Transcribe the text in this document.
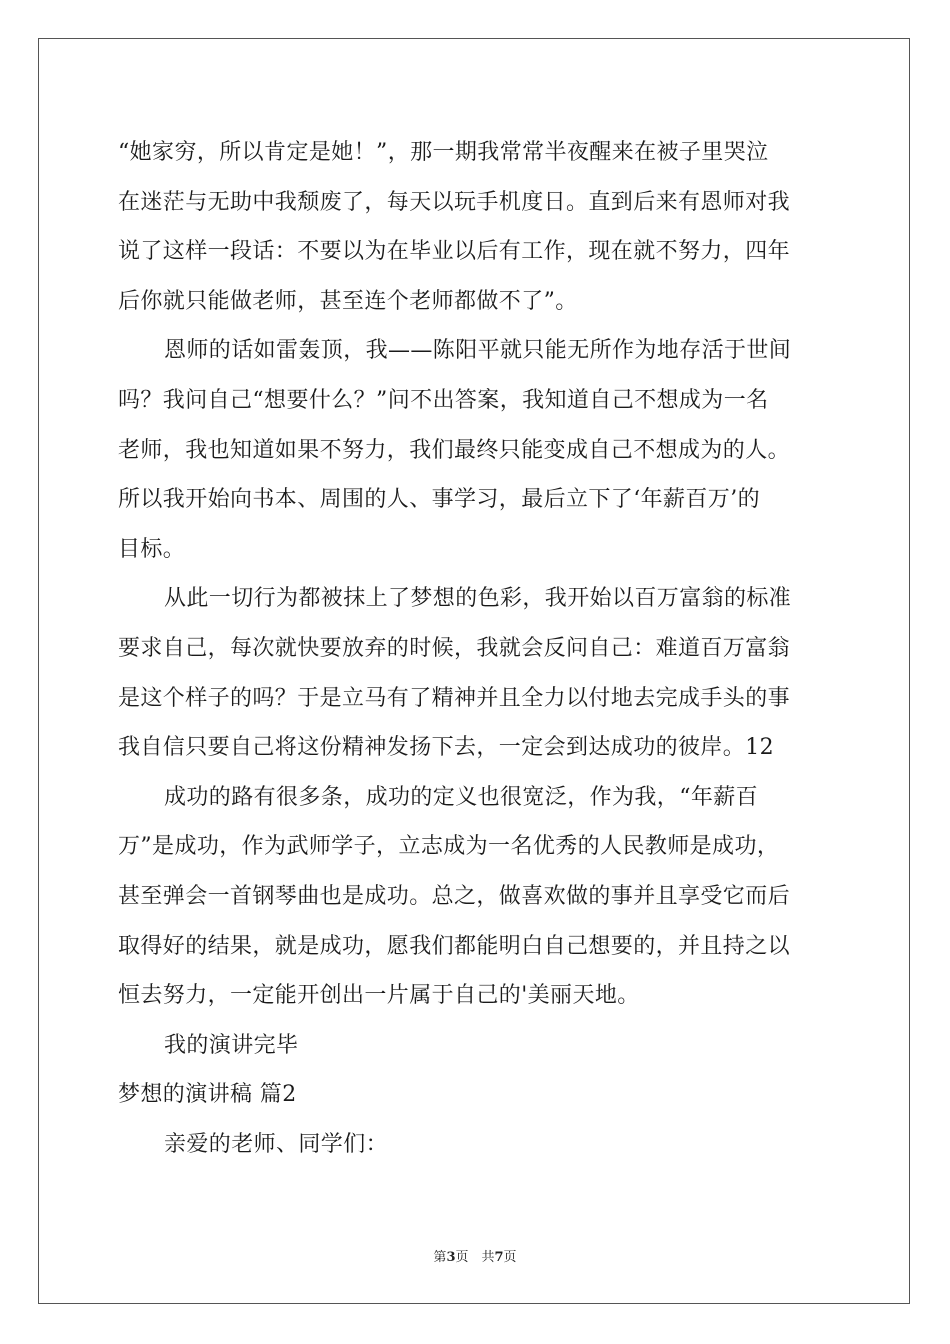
“她家穷，所以肯定是她！”，那一期我常常半夜醒来在被子里哭泣
在迷茫与无助中我颓废了，每天以玩手机度日。直到后来有恩师对我
说了这样一段话：不要以为在毕业以后有工作，现在就不努力，四年
后你就只能做老师，甚至连个老师都做不了”。
恩师的话如雷轰顶，我——陈阳平就只能无所作为地存活于世间
吗？我问自己“想要什么？”问不出答案，我知道自己不想成为一名
老师，我也知道如果不努力，我们最终只能变成自己不想成为的人。
所以我开始向书本、周围的人、事学习，最后立下了‘年薪百万’的
目标。
从此一切行为都被抹上了梦想的色彩，我开始以百万富翁的标准
要求自己，每次就快要放弃的时候，我就会反问自己：难道百万富翁
是这个样子的吗？于是立马有了精神并且全力以付地去完成手头的事
我自信只要自己将这份精神发扬下去，一定会到达成功的彼岸。12
成功的路有很多条，成功的定义也很宽泛，作为我，“年薪百
万”是成功，作为武师学子，立志成为一名优秀的人民教师是成功，
甚至弹会一首钢琴曲也是成功。总之，做喜欢做的事并且享受它而后
取得好的结果，就是成功，愿我们都能明白自己想要的，并且持之以
恒去努力，一定能开创出一片属于自己的'美丽天地。
我的演讲完毕
梦想的演讲稿 篇2
亲爱的老师、同学们：
第3页　共7页
